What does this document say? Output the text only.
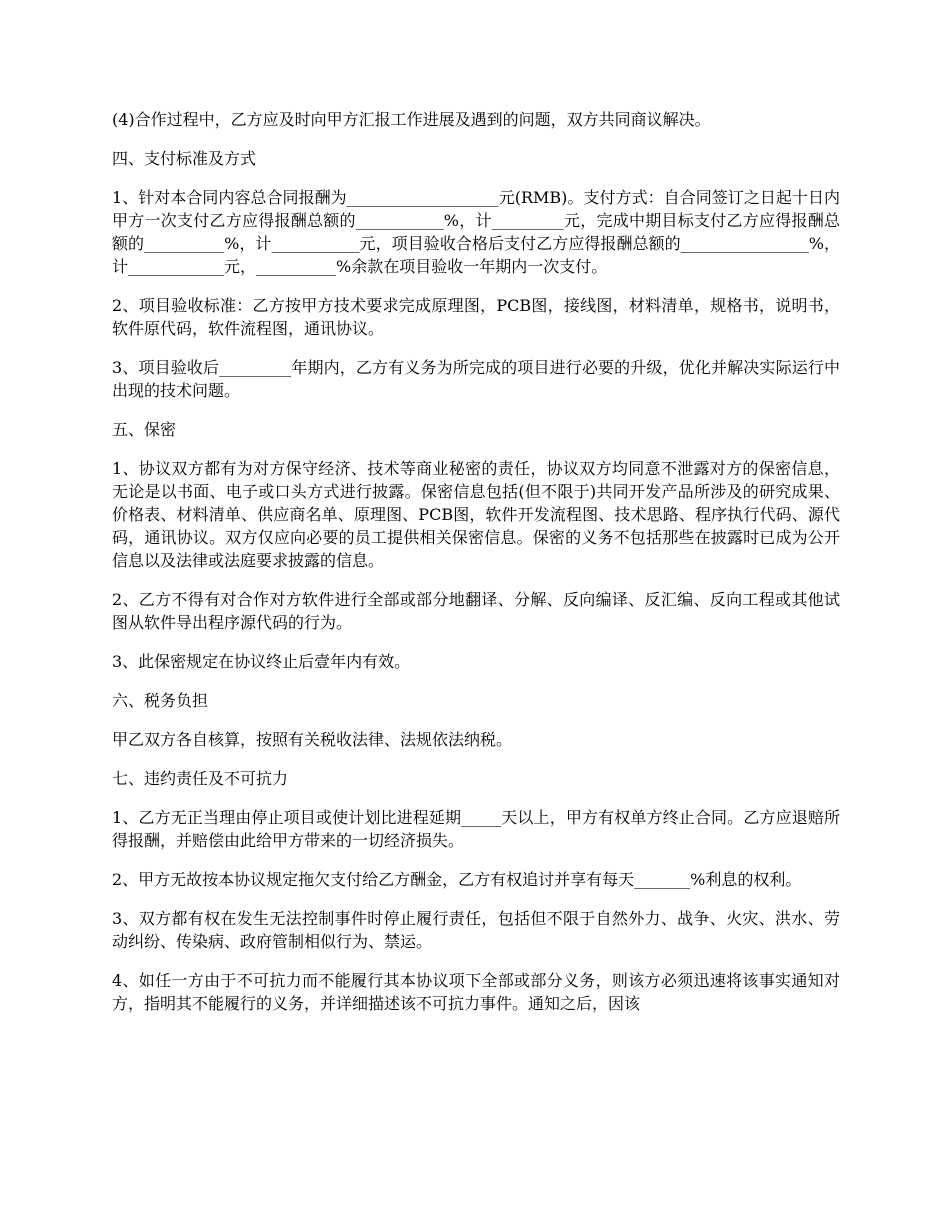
(4)合作过程中，乙方应及时向甲方汇报工作进展及遇到的问题，双方共同商议解决。

四、支付标准及方式

1、针对本合同内容总合同报酬为___________________元(RMB)。支付方式：自合同签订之日起十日内甲方一次支付乙方应得报酬总额的___________%，计_________元，完成中期目标支付乙方应得报酬总额的__________%，计___________元，项目验收合格后支付乙方应得报酬总额的________________%，计____________元，__________%余款在项目验收一年期内一次支付。

2、项目验收标准：乙方按甲方技术要求完成原理图，PCB图，接线图，材料清单，规格书，说明书，软件原代码，软件流程图，通讯协议。

3、项目验收后_________年期内，乙方有义务为所完成的项目进行必要的升级，优化并解决实际运行中出现的技术问题。

五、保密

1、协议双方都有为对方保守经济、技术等商业秘密的责任，协议双方均同意不泄露对方的保密信息，无论是以书面、电子或口头方式进行披露。保密信息包括(但不限于)共同开发产品所涉及的研究成果、价格表、材料清单、供应商名单、原理图、PCB图，软件开发流程图、技术思路、程序执行代码、源代码，通讯协议。双方仅应向必要的员工提供相关保密信息。保密的义务不包括那些在披露时已成为公开信息以及法律或法庭要求披露的信息。

2、乙方不得有对合作对方软件进行全部或部分地翻译、分解、反向编译、反汇编、反向工程或其他试图从软件导出程序源代码的行为。

3、此保密规定在协议终止后壹年内有效。

六、税务负担

甲乙双方各自核算，按照有关税收法律、法规依法纳税。

七、违约责任及不可抗力

1、乙方无正当理由停止项目或使计划比进程延期_____天以上，甲方有权单方终止合同。乙方应退赔所得报酬，并赔偿由此给甲方带来的一切经济损失。

2、甲方无故按本协议规定拖欠支付给乙方酬金，乙方有权追讨并享有每天_______%利息的权利。

3、双方都有权在发生无法控制事件时停止履行责任，包括但不限于自然外力、战争、火灾、洪水、劳动纠纷、传染病、政府管制相似行为、禁运。

4、如任一方由于不可抗力而不能履行其本协议项下全部或部分义务，则该方必须迅速将该事实通知对方，指明其不能履行的义务，并详细描述该不可抗力事件。通知之后，因该
